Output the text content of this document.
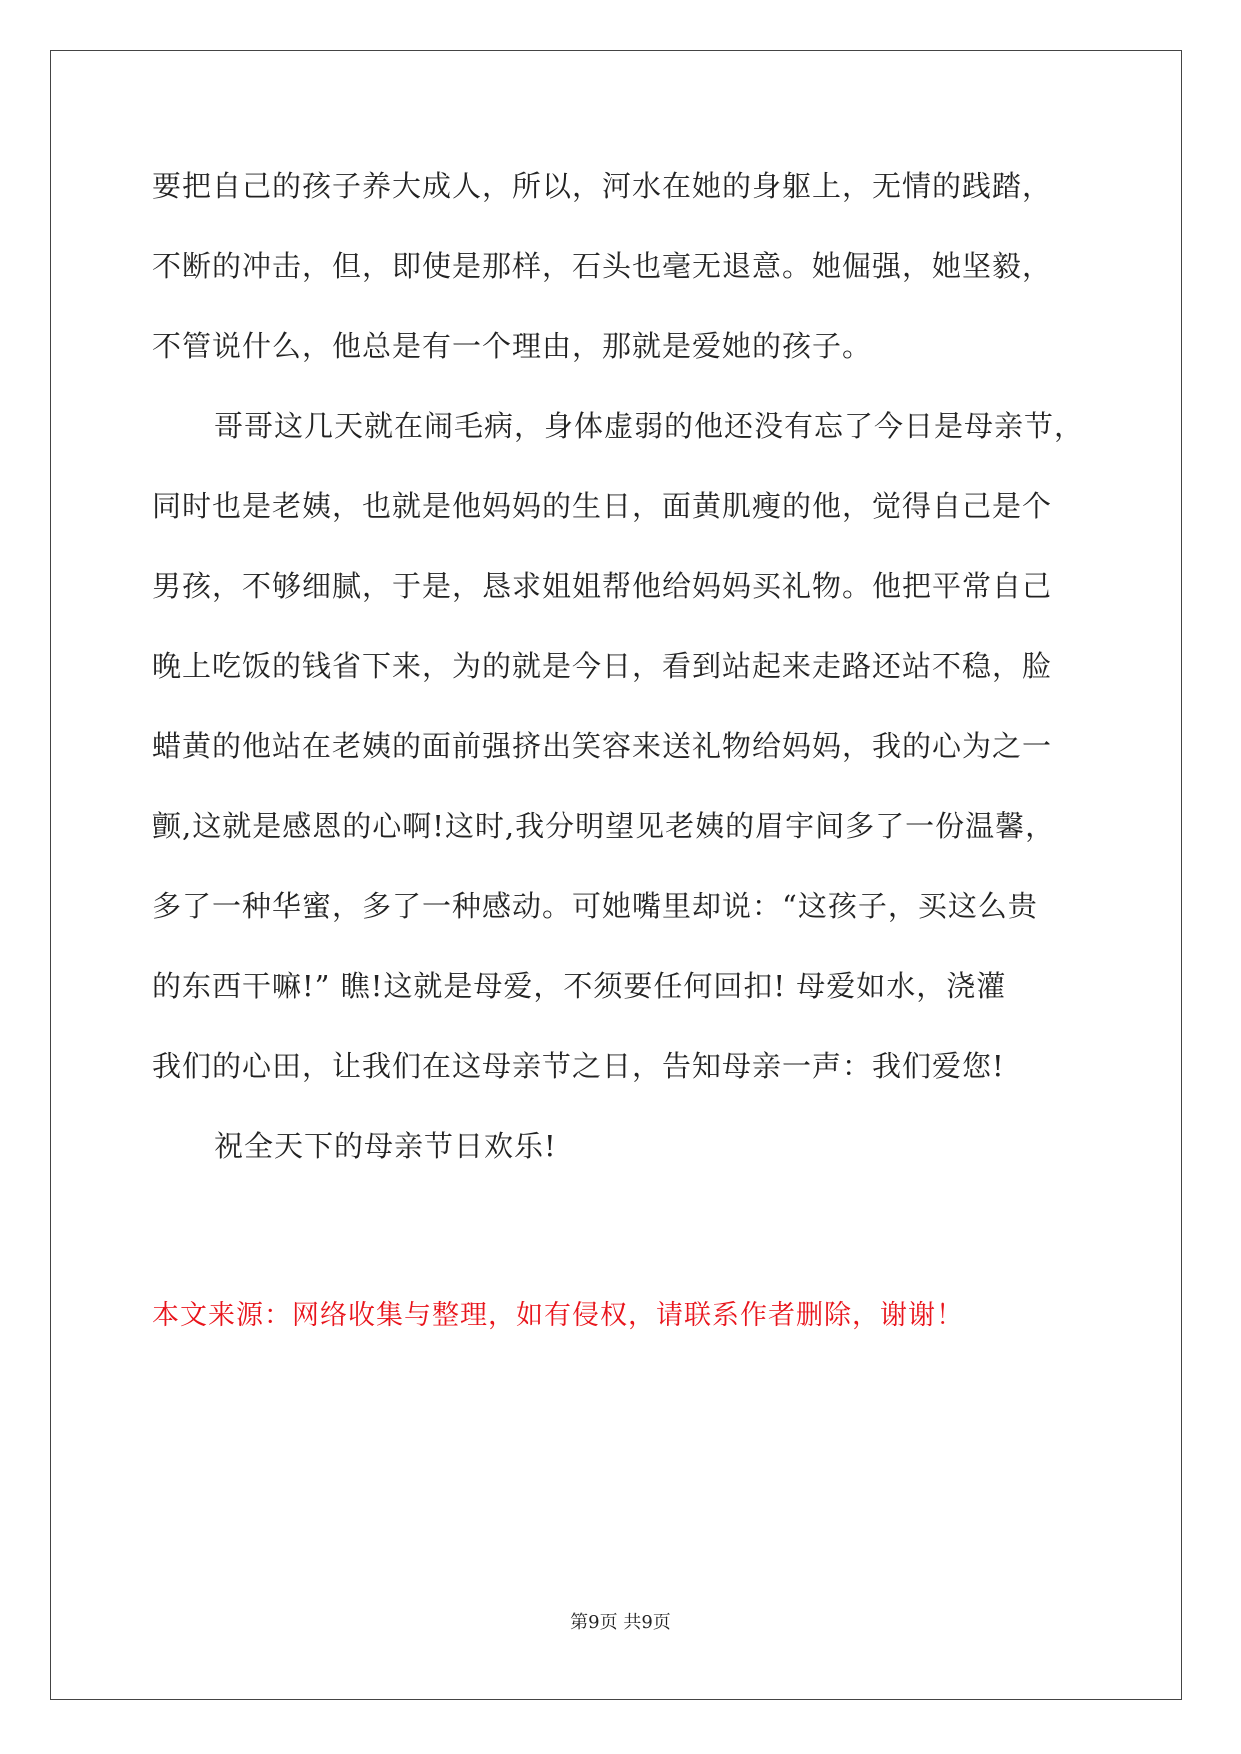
要把自己的孩子养大成人，所以，河水在她的身躯上，无情的践踏，
不断的冲击，但，即使是那样，石头也毫无退意。她倔强，她坚毅，
不管说什么，他总是有一个理由，那就是爱她的孩子。
哥哥这几天就在闹毛病，身体虚弱的他还没有忘了今日是母亲节，
同时也是老姨，也就是他妈妈的生日，面黄肌瘦的他，觉得自己是个
男孩，不够细腻，于是，恳求姐姐帮他给妈妈买礼物。他把平常自己
晚上吃饭的钱省下来，为的就是今日，看到站起来走路还站不稳，脸
蜡黄的他站在老姨的面前强挤出笑容来送礼物给妈妈，我的心为之一
颤,这就是感恩的心啊!这时,我分明望见老姨的眉宇间多了一份温馨，
多了一种华蜜，多了一种感动。可她嘴里却说：“这孩子，买这么贵
的东西干嘛!” 瞧!这就是母爱，不须要任何回扣! 母爱如水，浇灌
我们的心田，让我们在这母亲节之日，告知母亲一声：我们爱您!
祝全天下的母亲节日欢乐!
本文来源：网络收集与整理，如有侵权，请联系作者删除，谢谢！
第9页 共9页
